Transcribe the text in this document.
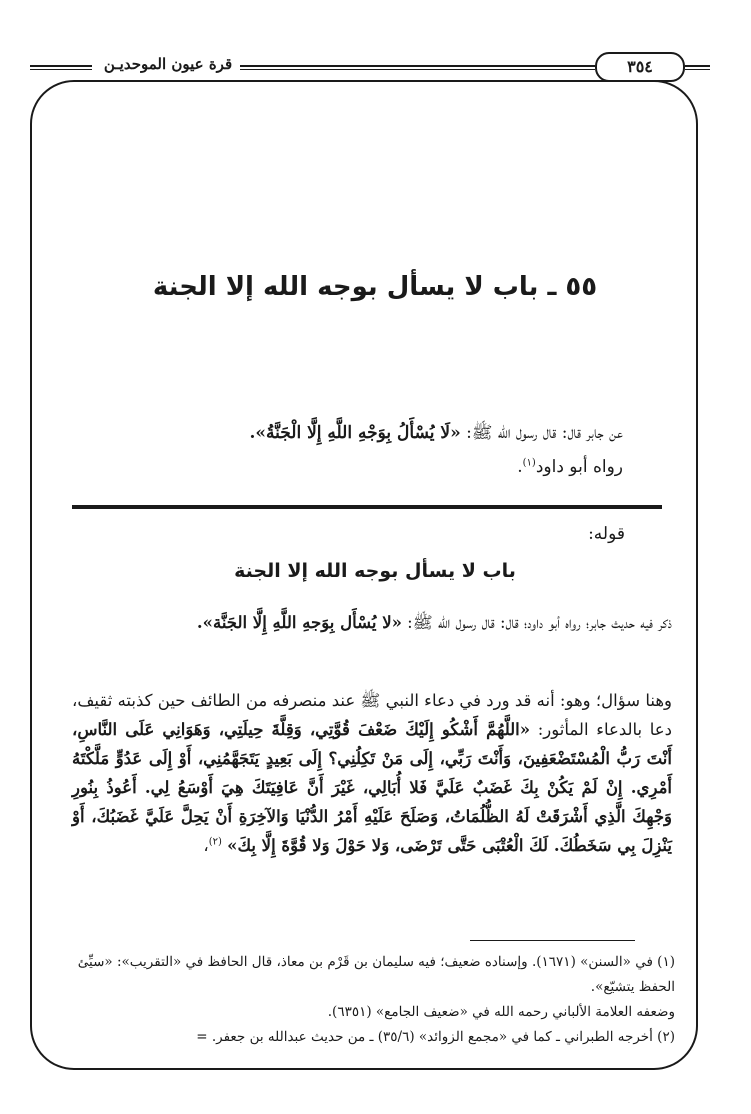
قرة عيون الموحديـن	٣٥٤
٥٥ ـ باب لا يسأل بوجه الله إلا الجنة
عن جابر قال: قال رسول الله ﷺ: «لَا يُسْأَلُ بِوَجْهِ اللَّهِ إِلَّا الْجَنَّةُ».
رواه أبو داود$^{(١)}$.
قوله:
باب لا يسأل بوجه الله إلا الجنة
ذكر فيه حديث جابر؛ رواه أبو داود؛ قال: قال رسول الله ﷺ: «لا يُسْأَل بِوَجهِ اللَّهِ إِلَّا الجَنَّة».
وهنا سؤال؛ وهو: أنه قد ورد في دعاء النبي ﷺ عند منصرفه من الطائف حين كذبته ثقيف، دعا بالدعاء المأثور: «اللَّهُمَّ أَشْكُو إِلَيْكَ ضَعْفَ قُوَّتِي، وَقِلَّةَ حِيلَتِي، وَهَوَانِي عَلَى النَّاسِ، أَنْتَ رَبُّ الْمُسْتَضْعَفِينَ، وَأَنْتَ رَبِّي، إِلَى مَنْ تَكِلُنِي؟ إِلَى بَعِيدٍ يَتَجَهَّمُنِي، أَوْ إِلَى عَدُوٍّ مَلَّكْتَهُ أَمْرِي. إِنْ لَمْ يَكُنْ بِكَ غَضَبٌ عَلَيَّ فَلا أُبَالِي، غَيْرَ أَنَّ عَافِيَتَكَ هِيَ أَوْسَعُ لِي. أَعُوذُ بِنُورِ وَجْهِكَ الَّذِي أَشْرَقَتْ لَهُ الظُّلُمَاتُ، وَصَلَحَ عَلَيْهِ أَمْرُ الدُّنْيَا وَالآخِرَةِ أَنْ يَحِلَّ عَلَيَّ غَضَبُكَ، أَوْ يَنْزِلَ بِي سَخَطُكَ. لَكَ الْعُتْبَى حَتَّى تَرْضَى، وَلا حَوْلَ وَلا قُوَّةَ إِلَّا بِكَ» $^{(٢)}$،

(١) في «السنن» (١٦٧١). وإسناده ضعيف؛ فيه سليمان بن قَرْم بن معاذ، قال الحافظ في «التقريب»: «سيِّئ الحفظ يتشيّع».

وضعفه العلامة الألباني رحمه الله في «ضعيف الجامع» (٦٣٥١).

(٢) أخرجه الطبراني ـ كما في «مجمع الزوائد» (٣٥/٦) ـ من حديث عبدالله بن جعفر. =
